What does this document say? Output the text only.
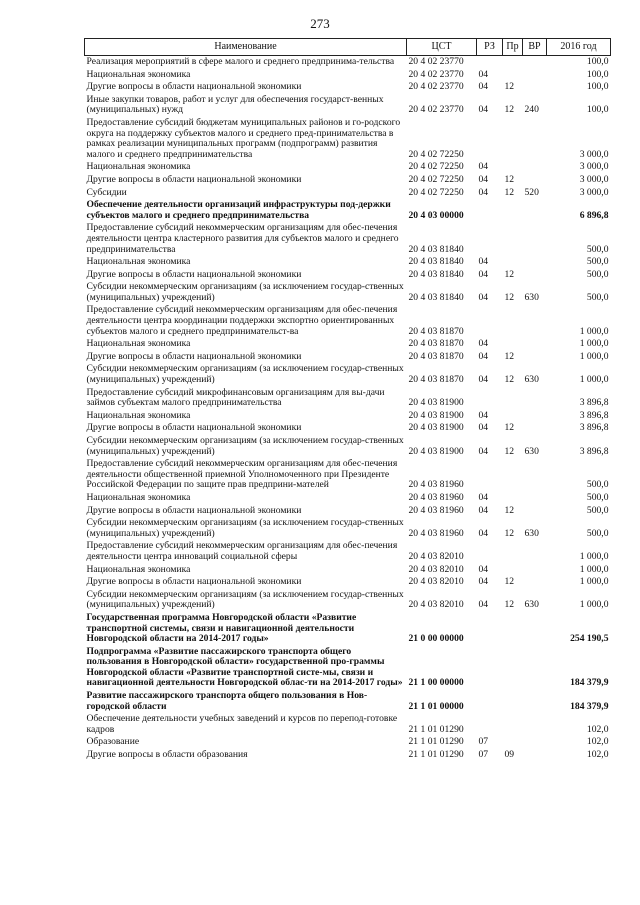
273
Наименование	ЦСТ	РЗ	Пр	ВР	2016 год
Реализация мероприятий в сфере малого и среднего предпринима-тельства	20 4 02 23770				100,0
Национальная экономика	20 4 02 23770	04			100,0
Другие вопросы в области национальной экономики	20 4 02 23770	04	12		100,0
Иные закупки товаров, работ и услуг для обеспечения государст-венных (муниципальных) нужд	20 4 02 23770	04	12	240	100,0
Предоставление субсидий бюджетам муниципальных районов и го-родского округа на поддержку субъектов малого и среднего пред-принимательства в рамках реализации муниципальных программ (подпрограмм) развития малого и среднего предпринимательства	20 4 02 72250				3 000,0
Национальная экономика	20 4 02 72250	04			3 000,0
Другие вопросы в области национальной экономики	20 4 02 72250	04	12		3 000,0
Субсидии	20 4 02 72250	04	12	520	3 000,0
Обеспечение деятельности организаций инфраструктуры под-держки субъектов малого и среднего предпринимательства	20 4 03 00000				6 896,8
Предоставление субсидий некоммерческим организациям для обес-печения деятельности центра кластерного развития для субъектов малого и среднего предпринимательства	20 4 03 81840				500,0
Национальная экономика	20 4 03 81840	04			500,0
Другие вопросы в области национальной экономики	20 4 03 81840	04	12		500,0
Субсидии некоммерческим организациям (за исключением государ-ственных (муниципальных) учреждений)	20 4 03 81840	04	12	630	500,0
Предоставление субсидий некоммерческим организациям для обес-печения деятельности центра координации поддержки экспортно ориентированных субъектов малого и среднего предпринимательст-ва	20 4 03 81870				1 000,0
Национальная экономика	20 4 03 81870	04			1 000,0
Другие вопросы в области национальной экономики	20 4 03 81870	04	12		1 000,0
Субсидии некоммерческим организациям (за исключением государ-ственных (муниципальных) учреждений)	20 4 03 81870	04	12	630	1 000,0
Предоставление субсидий микрофинансовым организациям для вы-дачи займов субъектам малого предпринимательства	20 4 03 81900				3 896,8
Национальная экономика	20 4 03 81900	04			3 896,8
Другие вопросы в области национальной экономики	20 4 03 81900	04	12		3 896,8
Субсидии некоммерческим организациям (за исключением государ-ственных (муниципальных) учреждений)	20 4 03 81900	04	12	630	3 896,8
Предоставление субсидий некоммерческим организациям для обес-печения деятельности общественной приемной Уполномоченного при Президенте Российской Федерации по защите прав предприни-мателей	20 4 03 81960				500,0
Национальная экономика	20 4 03 81960	04			500,0
Другие вопросы в области национальной экономики	20 4 03 81960	04	12		500,0
Субсидии некоммерческим организациям (за исключением государ-ственных (муниципальных) учреждений)	20 4 03 81960	04	12	630	500,0
Предоставление субсидий некоммерческим организациям для обес-печения деятельности центра инноваций социальной сферы	20 4 03 82010				1 000,0
Национальная экономика	20 4 03 82010	04			1 000,0
Другие вопросы в области национальной экономики	20 4 03 82010	04	12		1 000,0
Субсидии некоммерческим организациям (за исключением государ-ственных (муниципальных) учреждений)	20 4 03 82010	04	12	630	1 000,0
Государственная программа Новгородской области «Развитие транспортной системы, связи и навигационной деятельности Новгородской области на 2014-2017 годы»	21 0 00 00000				254 190,5
Подпрограмма «Развитие пассажирского транспорта общего пользования в Новгородской области» государственной про-граммы Новгородской области «Развитие транспортной систе-мы, связи и навигационной деятельности Новгородской облас-ти на 2014-2017 годы»	21 1 00 00000				184 379,9
Развитие пассажирского транспорта общего пользования в Нов-городской области	21 1 01 00000				184 379,9
Обеспечение деятельности учебных заведений и курсов по перепод-готовке кадров	21 1 01 01290				102,0
Образование	21 1 01 01290	07			102,0
Другие вопросы в области образования	21 1 01 01290	07	09		102,0
